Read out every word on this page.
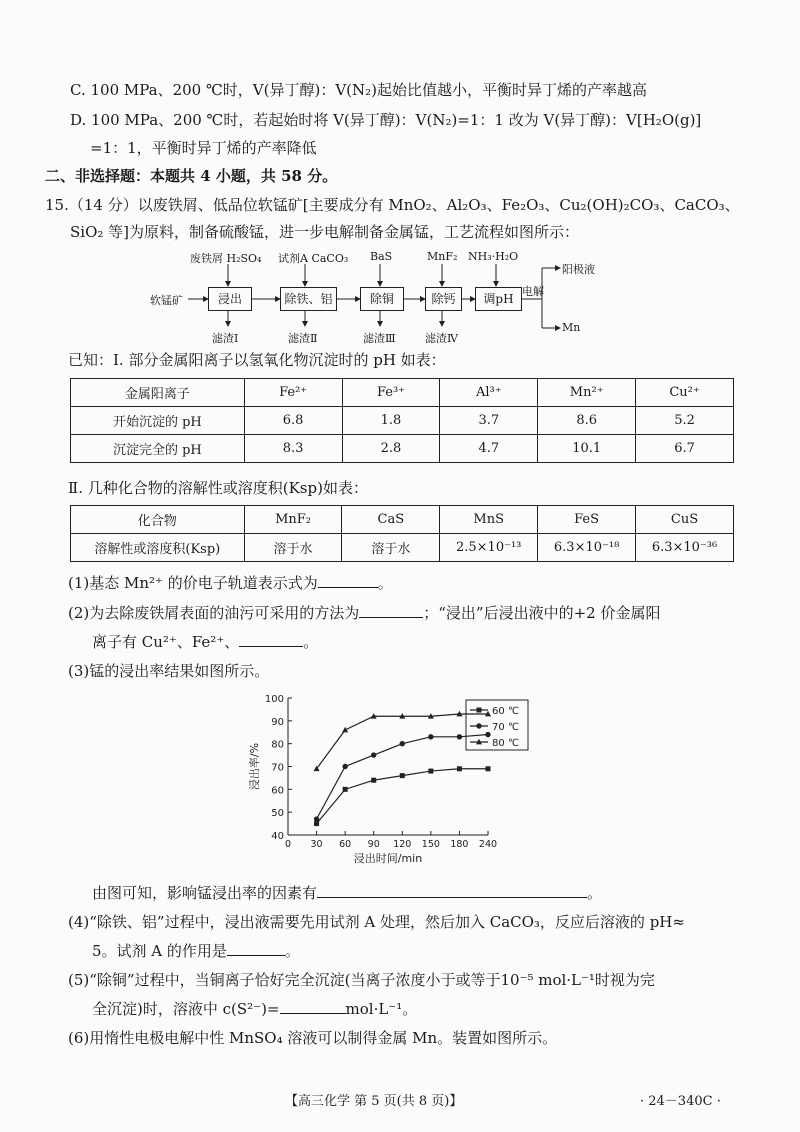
C. 100 MPa、200 ℃时，V(异丁醇)：V(N₂)起始比值越小，平衡时异丁烯的产率越高
D. 100 MPa、200 ℃时，若起始时将 V(异丁醇)：V(N₂)=1：1 改为 V(异丁醇)：V[H₂O(g)]
=1：1，平衡时异丁烯的产率降低
二、非选择题：本题共 4 小题，共 58 分。
15.（14 分）以废铁屑、低品位软锰矿[主要成分有 MnO₂、Al₂O₃、Fe₂O₃、Cu₂(OH)₂CO₃、CaCO₃、
SiO₂ 等]为原料，制备硫酸锰，进一步电解制备金属锰，工艺流程如图所示：
软锰矿
废铁屑 H₂SO₄ 试剂A CaCO₃ BaS	MnF₂ NH₃·H₂O
浸出	除铁、铝	除铜	除钙	调pH
电解
阳极液
Mn
滤渣Ⅰ	滤渣Ⅱ	滤渣Ⅲ	滤渣Ⅳ
已知：Ⅰ. 部分金属阳离子以氢氧化物沉淀时的 pH 如表：
金属阳离子	Fe²⁺	Fe³⁺	Al³⁺	Mn²⁺	Cu²⁺
开始沉淀的 pH	6.8	1.8	3.7	8.6	5.2
沉淀完全的 pH	8.3	2.8	4.7	10.1	6.7
Ⅱ. 几种化合物的溶解性或溶度积(Ksp)如表：
化合物	MnF₂	CaS	MnS	FeS	CuS
溶解性或溶度积(Ksp)	溶于水	溶于水	2.5×10⁻¹³	6.3×10⁻¹⁸	6.3×10⁻³⁶
(1)基态 Mn²⁺ 的价电子轨道表示式为	。
(2)为去除废铁屑表面的油污可采用的方法为	；“浸出”后浸出液中的+2 价金属阳
离子有 Cu²⁺、Fe²⁺、	。
(3)锰的浸出率结果如图所示。
40
50
60
70
80
90
100
0 30 60 90 120 150 180 240
浸出时间/min
浸出率/%
60 ℃
70 ℃
80 ℃
由图可知，影响锰浸出率的因素有	。
(4)“除铁、铝”过程中，浸出液需要先用试剂 A 处理，然后加入 CaCO₃，反应后溶液的 pH≈
5。试剂 A 的作用是	。
(5)“除铜”过程中，当铜离子恰好完全沉淀(当离子浓度小于或等于10⁻⁵ mol·L⁻¹时视为完
全沉淀)时，溶液中 c(S²⁻)=	mol·L⁻¹。
(6)用惰性电极电解中性 MnSO₄ 溶液可以制得金属 Mn。装置如图所示。
【高三化学 第 5 页(共 8 页)】	· 24－340C ·
